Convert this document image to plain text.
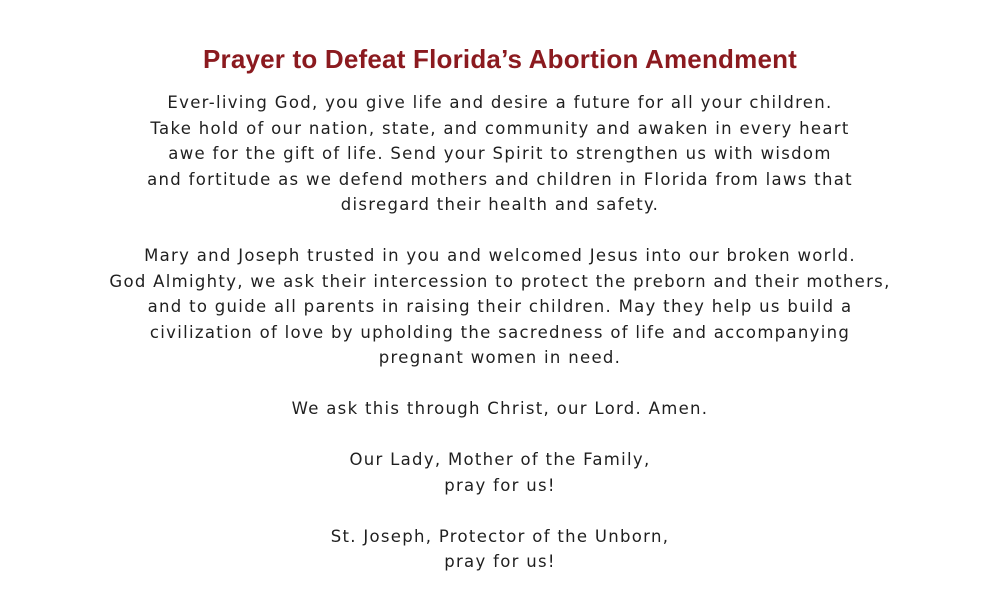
Prayer to Defeat Florida’s Abortion Amendment

Ever-living God, you give life and desire a future for all your children.
Take hold of our nation, state, and community and awaken in every heart
awe for the gift of life. Send your Spirit to strengthen us with wisdom
and fortitude as we defend mothers and children in Florida from laws that
disregard their health and safety.

Mary and Joseph trusted in you and welcomed Jesus into our broken world.
God Almighty, we ask their intercession to protect the preborn and their mothers,
and to guide all parents in raising their children. May they help us build a
civilization of love by upholding the sacredness of life and accompanying
pregnant women in need.

We ask this through Christ, our Lord. Amen.

Our Lady, Mother of the Family,
pray for us!

St. Joseph, Protector of the Unborn,
pray for us!
